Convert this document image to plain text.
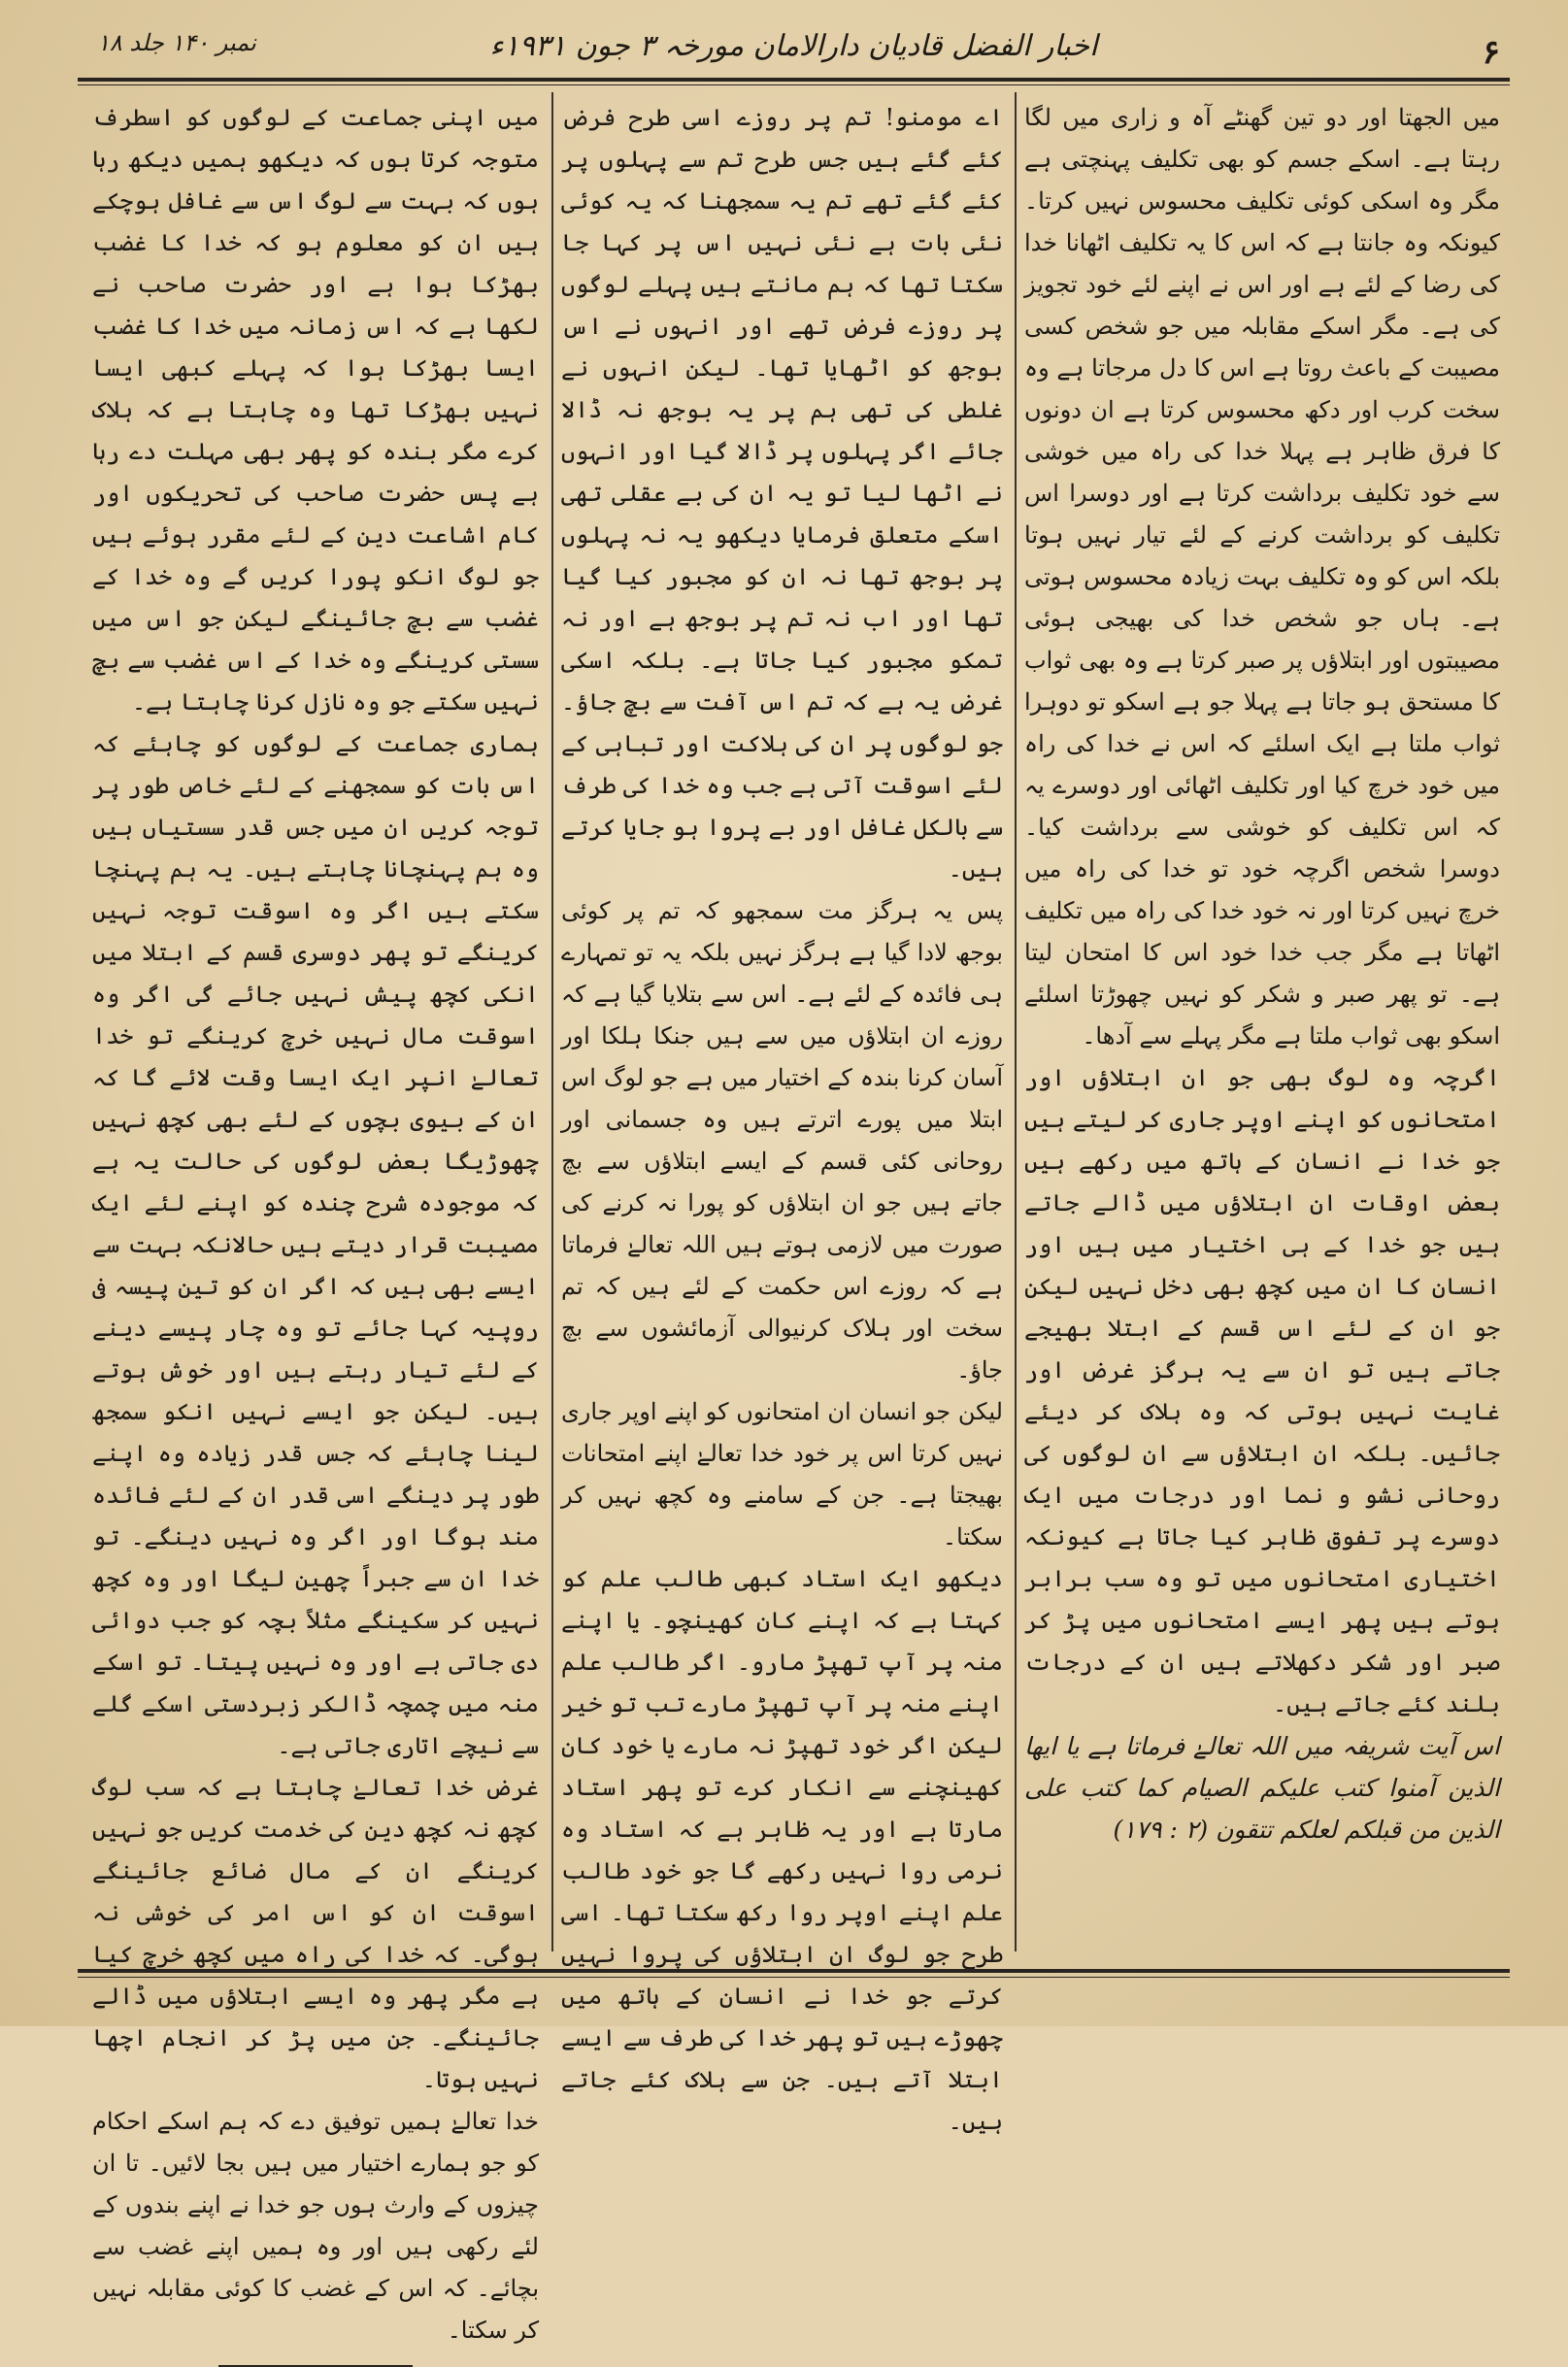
۶
اخبار الفضل قادیان دارالامان مورخہ ۳ جون ۱۹۳۱ء
نمبر ۱۴۰ جلد ۱۸

میں الجھتا اور دو تین گھنٹے آہ و زاری میں لگا رہتا ہے۔ اسکے جسم کو بھی تکلیف پہنچتی ہے مگر وہ اسکی کوئی تکلیف محسوس نہیں کرتا۔ کیونکہ وہ جانتا ہے کہ اس کا یہ تکلیف اٹھانا خدا کی رضا کے لئے ہے اور اس نے اپنے لئے خود تجویز کی ہے۔ مگر اسکے مقابلہ میں جو شخص کسی مصیبت کے باعث روتا ہے اس کا دل مرجاتا ہے وہ سخت کرب اور دکھ محسوس کرتا ہے ان دونوں کا فرق ظاہر ہے پہلا خدا کی راہ میں خوشی سے خود تکلیف برداشت کرتا ہے اور دوسرا اس تکلیف کو برداشت کرنے کے لئے تیار نہیں ہوتا بلکہ اس کو وہ تکلیف بہت زیادہ محسوس ہوتی ہے۔ ہاں جو شخص خدا کی بھیجی ہوئی مصیبتوں اور ابتلاؤں پر صبر کرتا ہے وہ بھی ثواب کا مستحق ہو جاتا ہے پہلا جو ہے اسکو تو دوہرا ثواب ملتا ہے ایک اسلئے کہ اس نے خدا کی راہ میں خود خرچ کیا اور تکلیف اٹھائی اور دوسرے یہ کہ اس تکلیف کو خوشی سے برداشت کیا۔ دوسرا شخص اگرچہ خود تو خدا کی راہ میں خرچ نہیں کرتا اور نہ خود خدا کی راہ میں تکلیف اٹھاتا ہے مگر جب خدا خود اس کا امتحان لیتا ہے۔ تو پھر صبر و شکر کو نہیں چھوڑتا اسلئے اسکو بھی ثواب ملتا ہے مگر پہلے سے آدھا۔

اگرچہ وہ لوگ بھی جو ان ابتلاؤں اور امتحانوں کو اپنے اوپر جاری کر لیتے ہیں جو خدا نے انسان کے ہاتھ میں رکھے ہیں بعض اوقات ان ابتلاؤں میں ڈالے جاتے ہیں جو خدا کے ہی اختیار میں ہیں اور انسان کا ان میں کچھ بھی دخل نہیں لیکن جو ان کے لئے اس قسم کے ابتلا بھیجے جاتے ہیں تو ان سے یہ ہرگز غرض اور غایت نہیں ہوتی کہ وہ ہلاک کر دیئے جائیں۔ بلکہ ان ابتلاؤں سے ان لوگوں کی روحانی نشو و نما اور درجات میں ایک دوسرے پر تفوق ظاہر کیا جاتا ہے کیونکہ اختیاری امتحانوں میں تو وہ سب برابر ہوتے ہیں پھر ایسے امتحانوں میں پڑ کر صبر اور شکر دکھلاتے ہیں ان کے درجات بلند کئے جاتے ہیں۔

اس آیت شریفہ میں اللہ تعالےٰ فرماتا ہے یا ایھا الذین آمنوا کتب علیکم الصیام کما کتب علی الذین من قبلکم لعلکم تتقون (۲ : ۱۷۹)

اے مومنو! تم پر روزے اسی طرح فرض کئے گئے ہیں جس طرح تم سے پہلوں پر کئے گئے تھے تم یہ سمجھنا کہ یہ کوئی نئی بات ہے نئی نہیں اس پر کہا جا سکتا تھا کہ ہم مانتے ہیں پہلے لوگوں پر روزے فرض تھے اور انہوں نے اس بوجھ کو اٹھایا تھا۔ لیکن انہوں نے غلطی کی تھی ہم پر یہ بوجھ نہ ڈالا جائے اگر پہلوں پر ڈالا گیا اور انہوں نے اٹھا لیا تو یہ ان کی بے عقلی تھی اسکے متعلق فرمایا دیکھو یہ نہ پہلوں پر بوجھ تھا نہ ان کو مجبور کیا گیا تھا اور اب نہ تم پر بوجھ ہے اور نہ تمکو مجبور کیا جاتا ہے۔ بلکہ اسکی غرض یہ ہے کہ تم اس آفت سے بچ جاؤ۔ جو لوگوں پر ان کی ہلاکت اور تباہی کے لئے اسوقت آتی ہے جب وہ خدا کی طرف سے بالکل غافل اور بے پروا ہو جایا کرتے ہیں۔

پس یہ ہرگز مت سمجھو کہ تم پر کوئی بوجھ لادا گیا ہے ہرگز نہیں بلکہ یہ تو تمہارے ہی فائدہ کے لئے ہے۔ اس سے بتلایا گیا ہے کہ روزے ان ابتلاؤں میں سے ہیں جنکا ہلکا اور آسان کرنا بندہ کے اختیار میں ہے جو لوگ اس ابتلا میں پورے اترتے ہیں وہ جسمانی اور روحانی کئی قسم کے ایسے ابتلاؤں سے بچ جاتے ہیں جو ان ابتلاؤں کو پورا نہ کرنے کی صورت میں لازمی ہوتے ہیں اللہ تعالےٰ فرماتا ہے کہ روزے اس حکمت کے لئے ہیں کہ تم سخت اور ہلاک کرنیوالی آزمائشوں سے بچ جاؤ۔

لیکن جو انسان ان امتحانوں کو اپنے اوپر جاری نہیں کرتا اس پر خود خدا تعالےٰ اپنے امتحانات بھیجتا ہے۔ جن کے سامنے وہ کچھ نہیں کر سکتا۔

دیکھو ایک استاد کبھی طالب علم کو کہتا ہے کہ اپنے کان کھینچو۔ یا اپنے منہ پر آپ تھپڑ مارو۔ اگر طالب علم اپنے منہ پر آپ تھپڑ مارے تب تو خیر لیکن اگر خود تھپڑ نہ مارے یا خود کان کھینچنے سے انکار کرے تو پھر استاد مارتا ہے اور یہ ظاہر ہے کہ استاد وہ نرمی روا نہیں رکھے گا جو خود طالب علم اپنے اوپر روا رکھ سکتا تھا۔ اسی طرح جو لوگ ان ابتلاؤں کی پروا نہیں کرتے جو خدا نے انسان کے ہاتھ میں چھوڑے ہیں تو پھر خدا کی طرف سے ایسے ابتلا آتے ہیں۔ جن سے ہلاک کئے جاتے ہیں۔

میں اپنی جماعت کے لوگوں کو اسطرف متوجہ کرتا ہوں کہ دیکھو ہمیں دیکھ رہا ہوں کہ بہت سے لوگ اس سے غافل ہوچکے ہیں ان کو معلوم ہو کہ خدا کا غضب بھڑکا ہوا ہے اور حضرت صاحب نے لکھا ہے کہ اس زمانہ میں خدا کا غضب ایسا بھڑکا ہوا کہ پہلے کبھی ایسا نہیں بھڑکا تھا وہ چاہتا ہے کہ ہلاک کرے مگر بندہ کو پھر بھی مہلت دے رہا ہے پس حضرت صاحب کی تحریکوں اور کام اشاعت دین کے لئے مقرر ہوئے ہیں جو لوگ انکو پورا کریں گے وہ خدا کے غضب سے بچ جائینگے لیکن جو اس میں سستی کرینگے وہ خدا کے اس غضب سے بچ نہیں سکتے جو وہ نازل کرنا چاہتا ہے۔

ہماری جماعت کے لوگوں کو چاہئے کہ اس بات کو سمجھنے کے لئے خاص طور پر توجہ کریں ان میں جس قدر سستیاں ہیں وہ ہم پہنچانا چاہتے ہیں۔ یہ ہم پہنچا سکتے ہیں اگر وہ اسوقت توجہ نہیں کرینگے تو پھر دوسری قسم کے ابتلا میں انکی کچھ پیش نہیں جائے گی اگر وہ اسوقت مال نہیں خرچ کرینگے تو خدا تعالےٰ انپر ایک ایسا وقت لائے گا کہ ان کے بیوی بچوں کے لئے بھی کچھ نہیں چھوڑیگا بعض لوگوں کی حالت یہ ہے کہ موجودہ شرح چندہ کو اپنے لئے ایک مصیبت قرار دیتے ہیں حالانکہ بہت سے ایسے بھی ہیں کہ اگر ان کو تین پیسہ فی روپیہ کہا جائے تو وہ چار پیسے دینے کے لئے تیار رہتے ہیں اور خوش ہوتے ہیں۔ لیکن جو ایسے نہیں انکو سمجھ لینا چاہئے کہ جس قدر زیادہ وہ اپنے طور پر دینگے اسی قدر ان کے لئے فائدہ مند ہوگا اور اگر وہ نہیں دینگے۔ تو خدا ان سے جبراً چھین لیگا اور وہ کچھ نہیں کر سکینگے مثلاً بچہ کو جب دوائی دی جاتی ہے اور وہ نہیں پیتا۔ تو اسکے منہ میں چمچہ ڈالکر زبردستی اسکے گلے سے نیچے اتاری جاتی ہے۔

غرض خدا تعالےٰ چاہتا ہے کہ سب لوگ کچھ نہ کچھ دین کی خدمت کریں جو نہیں کرینگے ان کے مال ضائع جائینگے اسوقت ان کو اس امر کی خوشی نہ ہوگی۔ کہ خدا کی راہ میں کچھ خرچ کیا ہے مگر پھر وہ ایسے ابتلاؤں میں ڈالے جائینگے۔ جن میں پڑ کر انجام اچھا نہیں ہوتا۔

خدا تعالےٰ ہمیں توفیق دے کہ ہم اسکے احکام کو جو ہمارے اختیار میں ہیں بجا لائیں۔ تا ان چیزوں کے وارث ہوں جو خدا نے اپنے بندوں کے لئے رکھی ہیں اور وہ ہمیں اپنے غضب سے بچائے۔ کہ اس کے غضب کا کوئی مقابلہ نہیں کر سکتا۔
